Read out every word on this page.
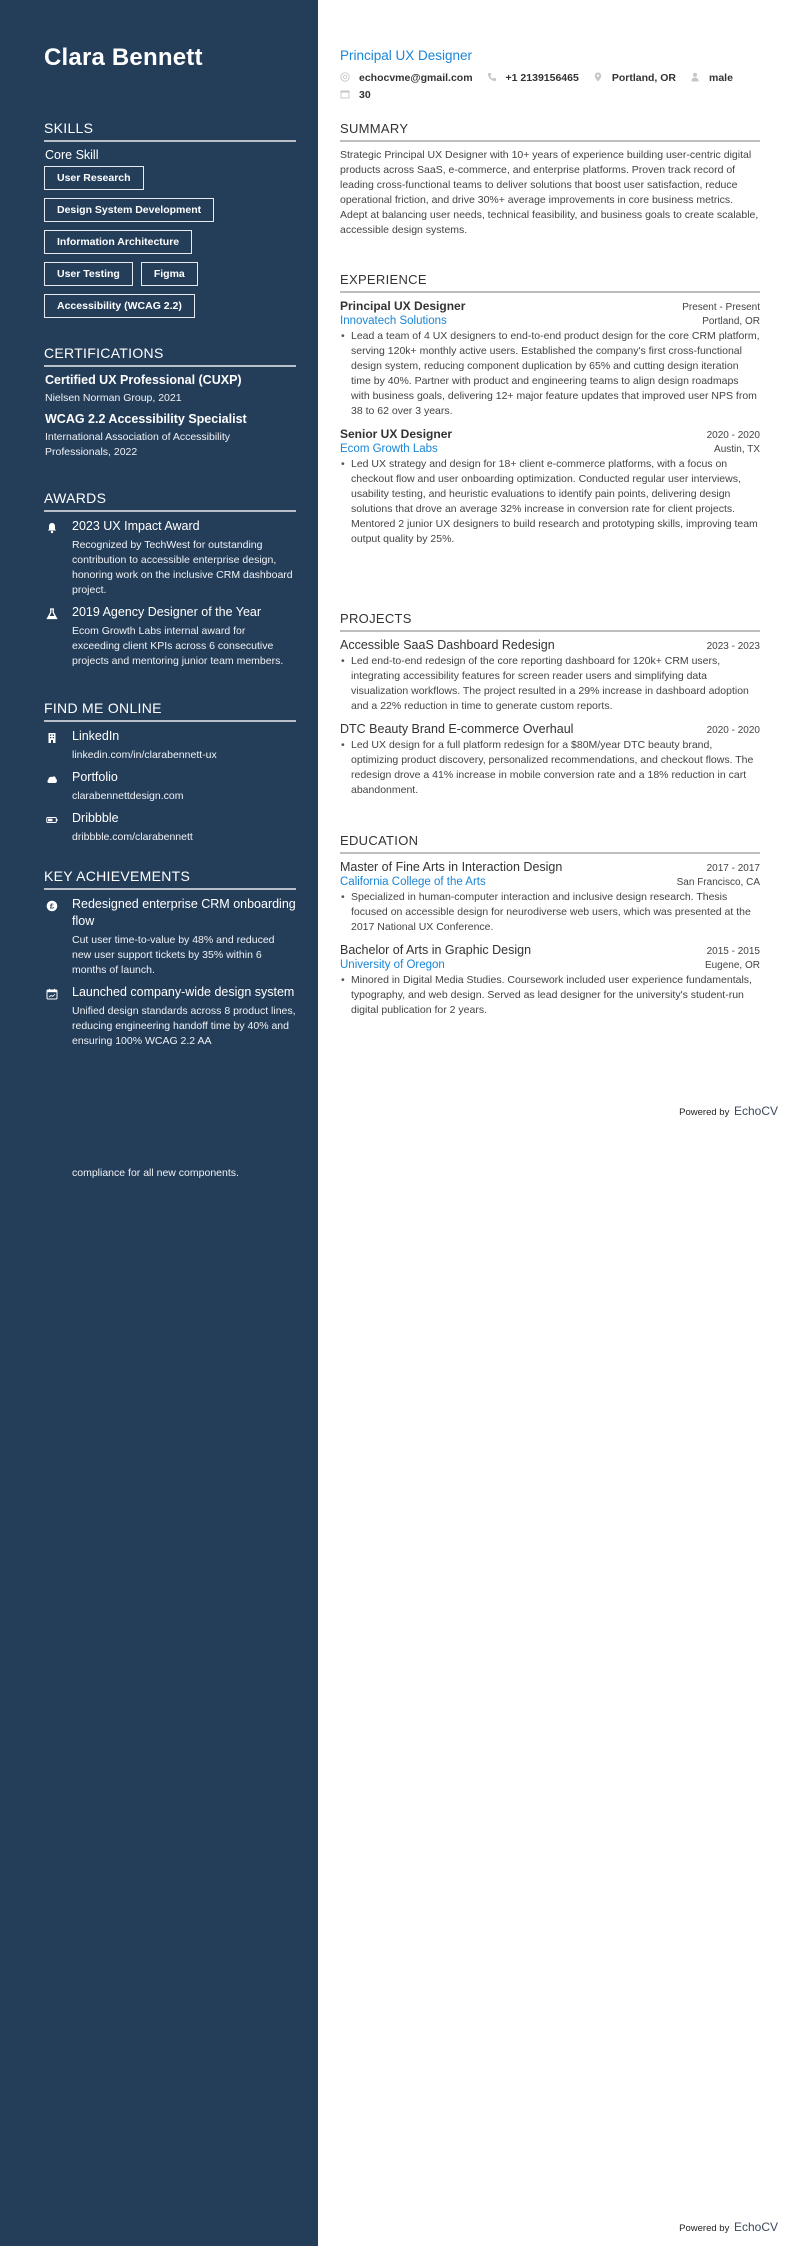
Clara Bennett
SKILLS
Core Skill
User Research
Design System Development
Information Architecture
User Testing	Figma
Accessibility (WCAG 2.2)
CERTIFICATIONS
Certified UX Professional (CUXP)
Nielsen Norman Group, 2021
WCAG 2.2 Accessibility Specialist
International Association of Accessibility Professionals, 2022
AWARDS
2023 UX Impact Award
Recognized by TechWest for outstanding contribution to accessible enterprise design, honoring work on the inclusive CRM dashboard project.
2019 Agency Designer of the Year
Ecom Growth Labs internal award for exceeding client KPIs across 6 consecutive projects and mentoring junior team members.
FIND ME ONLINE
LinkedIn
linkedin.com/in/clarabennett-ux
Portfolio
clarabennettdesign.com
Dribbble
dribbble.com/clarabennett
KEY ACHIEVEMENTS
£ Redesigned enterprise CRM onboarding flow
Cut user time-to-value by 48% and reduced new user support tickets by 35% within 6 months of launch.
Launched company-wide design system
Unified design standards across 8 product lines, reducing engineering handoff time by 40% and ensuring 100% WCAG 2.2 AA
compliance for all new components.
Principal UX Designer
echocvme@gmail.com	+1 2139156465	Portland, OR	male
30
SUMMARY
Strategic Principal UX Designer with 10+ years of experience building user-centric digital products across SaaS, e-commerce, and enterprise platforms. Proven track record of leading cross-functional teams to deliver solutions that boost user satisfaction, reduce operational friction, and drive 30%+ average improvements in core business metrics. Adept at balancing user needs, technical feasibility, and business goals to create scalable, accessible design systems.
EXPERIENCE
Principal UX Designer	Present - Present
Innovatech Solutions	Portland, OR
• Lead a team of 4 UX designers to end-to-end product design for the core CRM platform, serving 120k+ monthly active users. Established the company's first cross-functional design system, reducing component duplication by 65% and cutting design iteration time by 40%. Partner with product and engineering teams to align design roadmaps with business goals, delivering 12+ major feature updates that improved user NPS from 38 to 62 over 3 years.
Senior UX Designer	2020 - 2020
Ecom Growth Labs	Austin, TX
• Led UX strategy and design for 18+ client e-commerce platforms, with a focus on checkout flow and user onboarding optimization. Conducted regular user interviews, usability testing, and heuristic evaluations to identify pain points, delivering design solutions that drove an average 32% increase in conversion rate for client projects. Mentored 2 junior UX designers to build research and prototyping skills, improving team output quality by 25%.
PROJECTS
Accessible SaaS Dashboard Redesign	2023 - 2023
• Led end-to-end redesign of the core reporting dashboard for 120k+ CRM users, integrating accessibility features for screen reader users and simplifying data visualization workflows. The project resulted in a 29% increase in dashboard adoption and a 22% reduction in time to generate custom reports.
DTC Beauty Brand E-commerce Overhaul	2020 - 2020
• Led UX design for a full platform redesign for a $80M/year DTC beauty brand, optimizing product discovery, personalized recommendations, and checkout flows. The redesign drove a 41% increase in mobile conversion rate and a 18% reduction in cart abandonment.
EDUCATION
Master of Fine Arts in Interaction Design	2017 - 2017
California College of the Arts	San Francisco, CA
• Specialized in human-computer interaction and inclusive design research. Thesis focused on accessible design for neurodiverse web users, which was presented at the 2017 National UX Conference.
Bachelor of Arts in Graphic Design	2015 - 2015
University of Oregon	Eugene, OR
• Minored in Digital Media Studies. Coursework included user experience fundamentals, typography, and web design. Served as lead designer for the university's student-run digital publication for 2 years.
Powered by EchoCV
Powered by EchoCV
